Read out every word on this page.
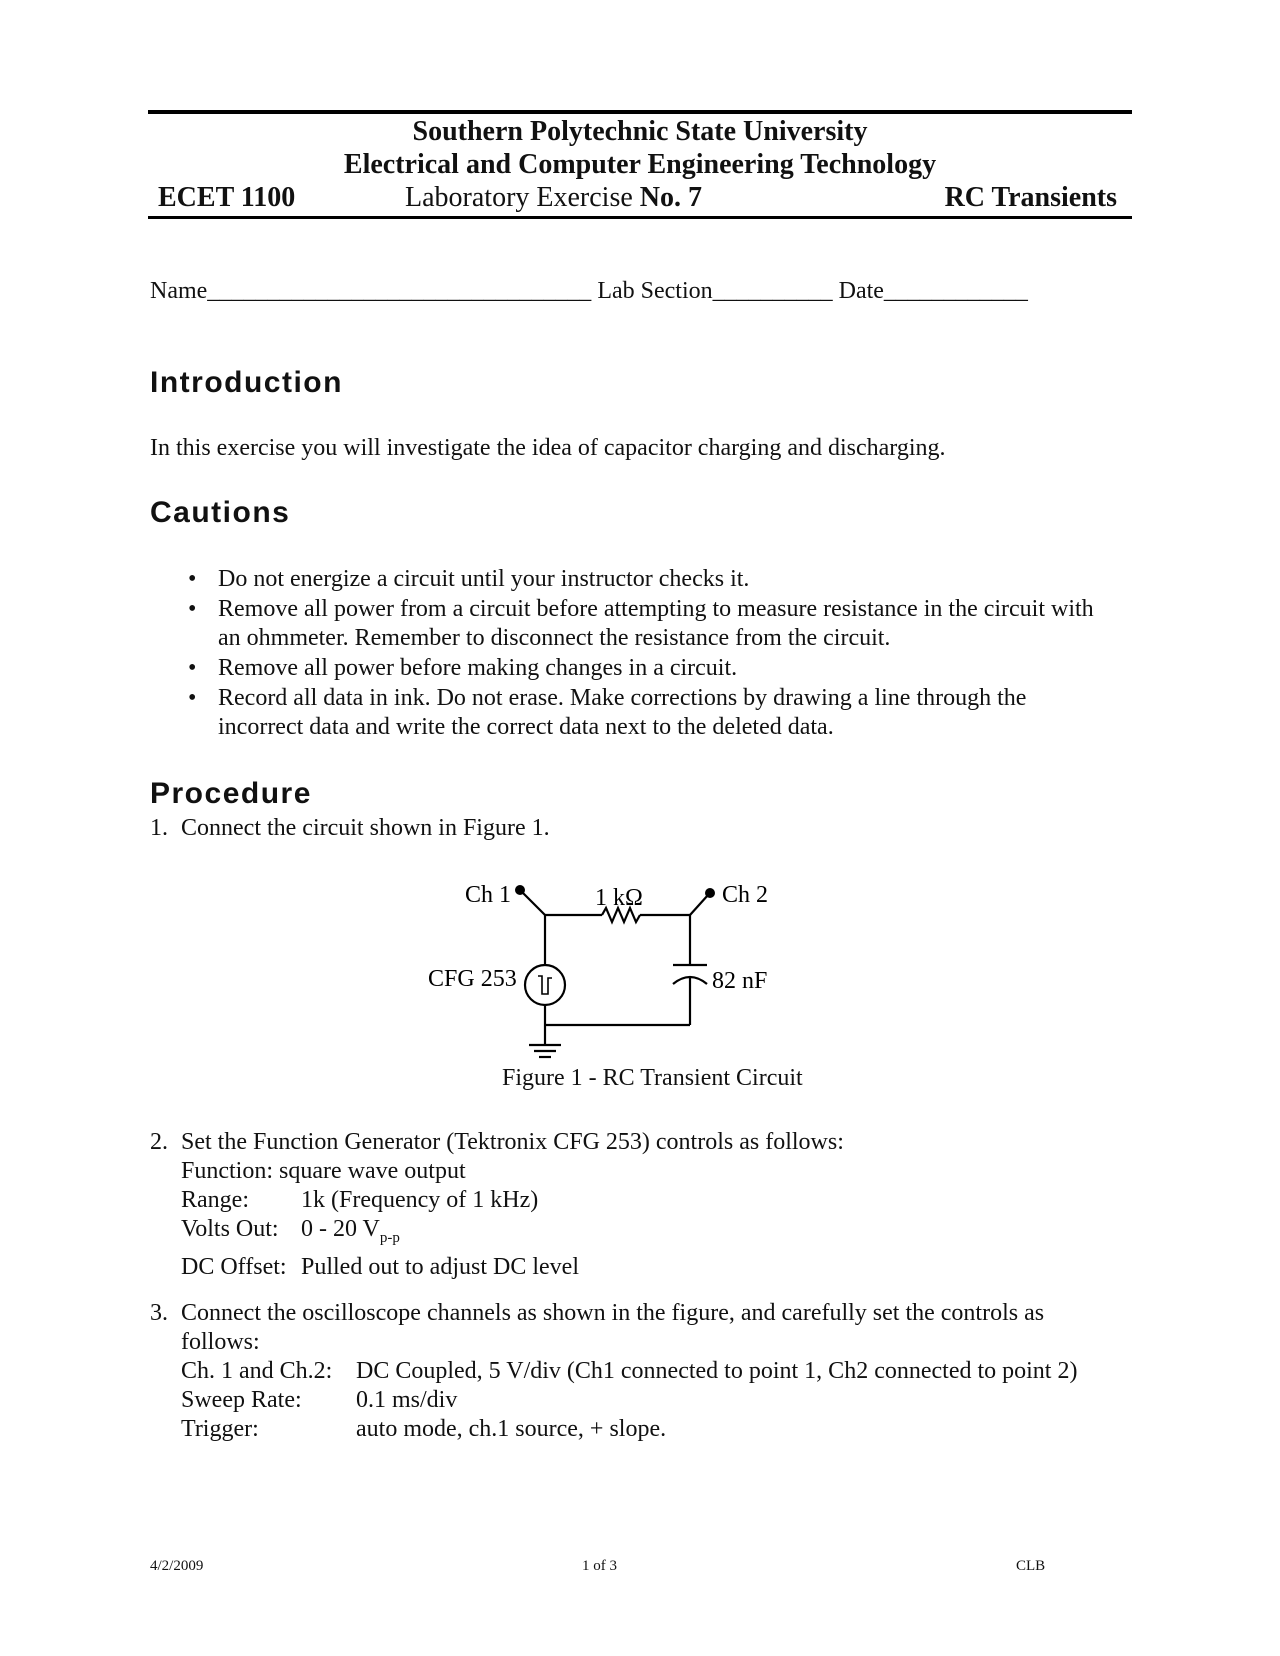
Southern Polytechnic State University
Electrical and Computer Engineering Technology
ECET 1100	Laboratory Exercise No. 7	RC Transients
Name________________________________ Lab Section__________ Date____________
Introduction
In this exercise you will investigate the idea of capacitor charging and discharging.
Cautions
• Do not energize a circuit until your instructor checks it.
• Remove all power from a circuit before attempting to measure resistance in the circuit with an ohmmeter. Remember to disconnect the resistance from the circuit.
• Remove all power before making changes in a circuit.
• Record all data in ink. Do not erase. Make corrections by drawing a line through the incorrect data and write the correct data next to the deleted data.
Procedure
1. Connect the circuit shown in Figure 1.
Ch 1	Ch 2
1 kΩ
CFG 253	82 nF
Figure 1 - RC Transient Circuit
2. Set the Function Generator (Tektronix CFG 253) controls as follows:
Function: square wave output
Range:	1k (Frequency of 1 kHz)
Volts Out: 0 - 20 $V_{p-p}$
DC Offset: Pulled out to adjust DC level
3. Connect the oscilloscope channels as shown in the figure, and carefully set the controls as
follows:
Ch. 1 and Ch.2: DC Coupled, 5 V/div (Ch1 connected to point 1, Ch2 connected to point 2)
Sweep Rate:	0.1 ms/div
Trigger:	auto mode, ch.1 source, + slope.
4/2/2009	1 of 3	CLB
